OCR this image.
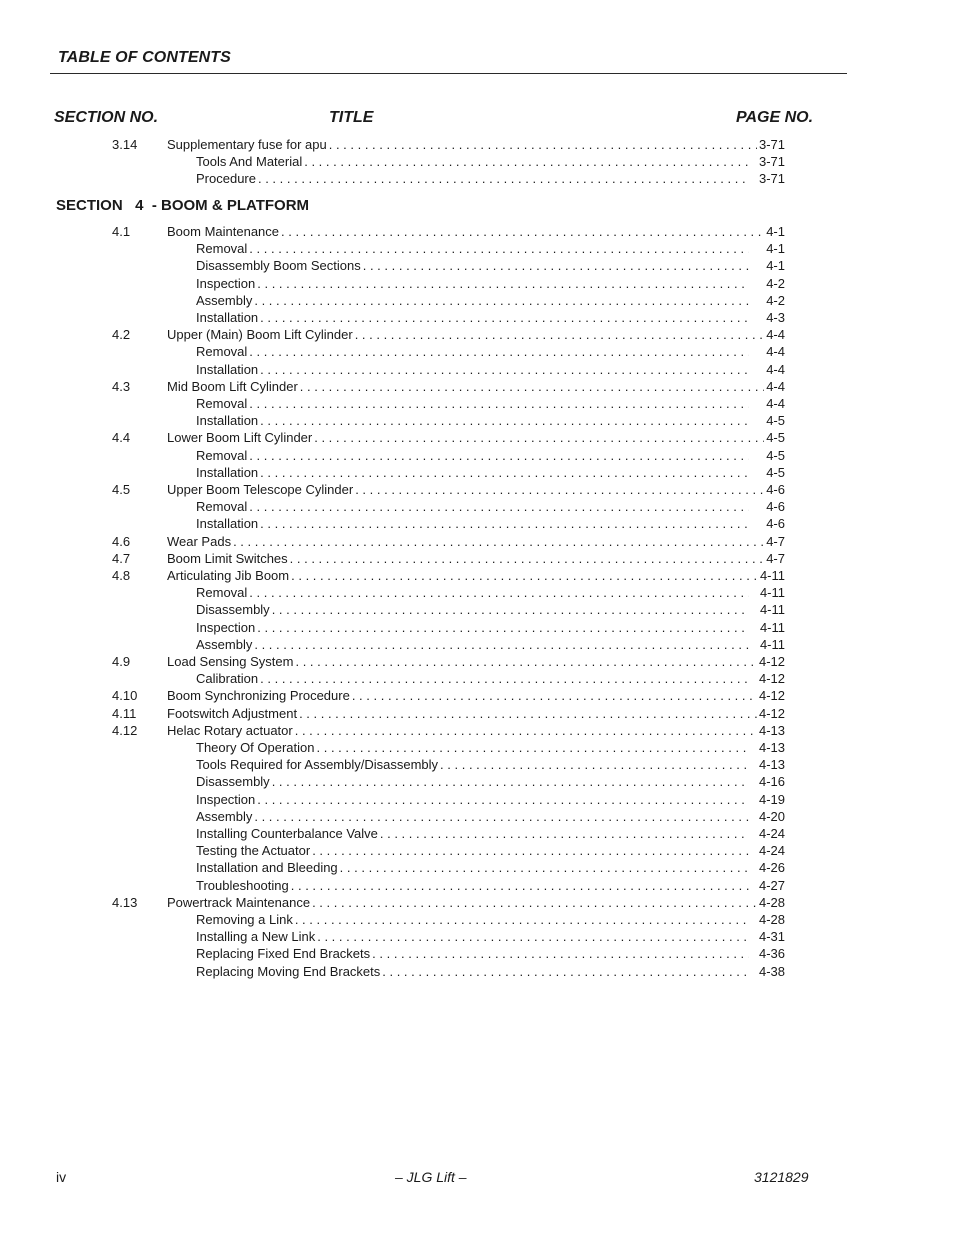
TABLE OF CONTENTS
SECTION NO.	TITLE	PAGE NO.
3.14 Supplementary fuse for apu . . .	3-71
Tools And Material . . .	3-71
Procedure . . .	3-71
SECTION   4  - BOOM & PLATFORM
4.1	Boom Maintenance . . .	4-1
Removal . . .	4-1
Disassembly Boom Sections . . .	4-1
Inspection . . .	4-2
Assembly . . .	4-2
Installation . . .	4-3
4.2	Upper (Main) Boom Lift Cylinder . . .	4-4
Removal . . .	4-4
Installation . . .	4-4
4.3	Mid Boom Lift Cylinder . . .	4-4
Removal . . .	4-4
Installation . . .	4-5
4.4	Lower Boom Lift Cylinder . . .	4-5
Removal . . .	4-5
Installation . . .	4-5
4.5	Upper Boom Telescope Cylinder . . .	4-6
Removal . . .	4-6
Installation . . .	4-6
4.6	Wear Pads . . .	4-7
4.7	Boom Limit Switches . . .	4-7
4.8	Articulating Jib Boom . . .	4-11
Removal . . .	4-11
Disassembly . . .	4-11
Inspection . . .	4-11
Assembly . . .	4-11
4.9	Load Sensing System . . .	4-12
Calibration . . .	4-12
4.10 Boom Synchronizing Procedure . . .	4-12
4.11 Footswitch Adjustment . . .	4-12
4.12 Helac Rotary actuator . . .	4-13
Theory Of Operation . . .	4-13
Tools Required for Assembly/Disassembly . . .	4-13
Disassembly . . .	4-16
Inspection . . .	4-19
Assembly . . .	4-20
Installing Counterbalance Valve . . .	4-24
Testing the Actuator . . .	4-24
Installation and Bleeding . . .	4-26
Troubleshooting . . .	4-27
4.13 Powertrack Maintenance . . .	4-28
Removing a Link . . .	4-28
Installing a New Link . . .	4-31
Replacing Fixed End Brackets . . .	4-36
Replacing Moving End Brackets . . .	4-38
iv	– JLG Lift –	3121829
